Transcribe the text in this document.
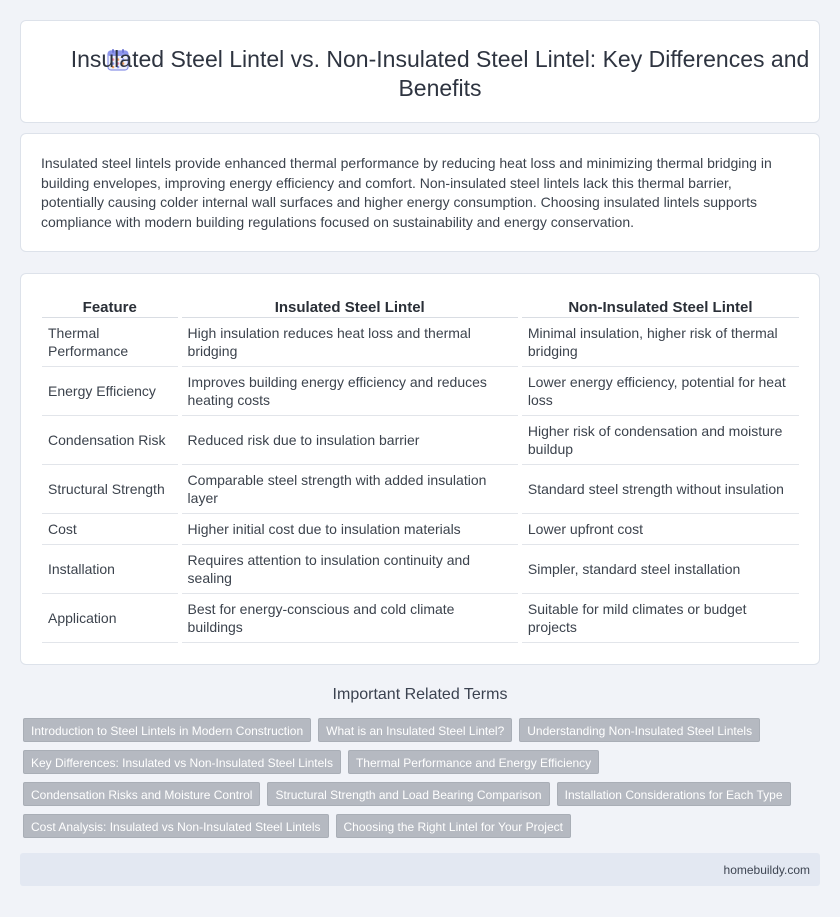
Insulated Steel Lintel vs. Non-Insulated Steel Lintel: Key Differences and Benefits

Insulated steel lintels provide enhanced thermal performance by reducing heat loss and minimizing thermal bridging in building envelopes, improving energy efficiency and comfort. Non-insulated steel lintels lack this thermal barrier, potentially causing colder internal wall surfaces and higher energy consumption. Choosing insulated lintels supports compliance with modern building regulations focused on sustainability and energy conservation.

Feature		Insulated Steel Lintel		Non-Insulated Steel Lintel
Thermal Performance		High insulation reduces heat loss and thermal bridging		Minimal insulation, higher risk of thermal bridging
Energy Efficiency		Improves building energy efficiency and reduces heating costs		Lower energy efficiency, potential for heat loss
Condensation Risk		Reduced risk due to insulation barrier		Higher risk of condensation and moisture buildup
Structural Strength		Comparable steel strength with added insulation layer		Standard steel strength without insulation
Cost		Higher initial cost due to insulation materials		Lower upfront cost
Installation		Requires attention to insulation continuity and sealing		Simpler, standard steel installation
Application		Best for energy-conscious and cold climate buildings		Suitable for mild climates or budget projects
Important Related Terms
Introduction to Steel Lintels in Modern Construction	What is an Insulated Steel Lintel?	Understanding Non-Insulated Steel Lintels
Key Differences: Insulated vs Non-Insulated Steel Lintels	Thermal Performance and Energy Efficiency
Condensation Risks and Moisture Control	Structural Strength and Load Bearing Comparison	Installation Considerations for Each Type
Cost Analysis: Insulated vs Non-Insulated Steel Lintels	Choosing the Right Lintel for Your Project
homebuildy.com
